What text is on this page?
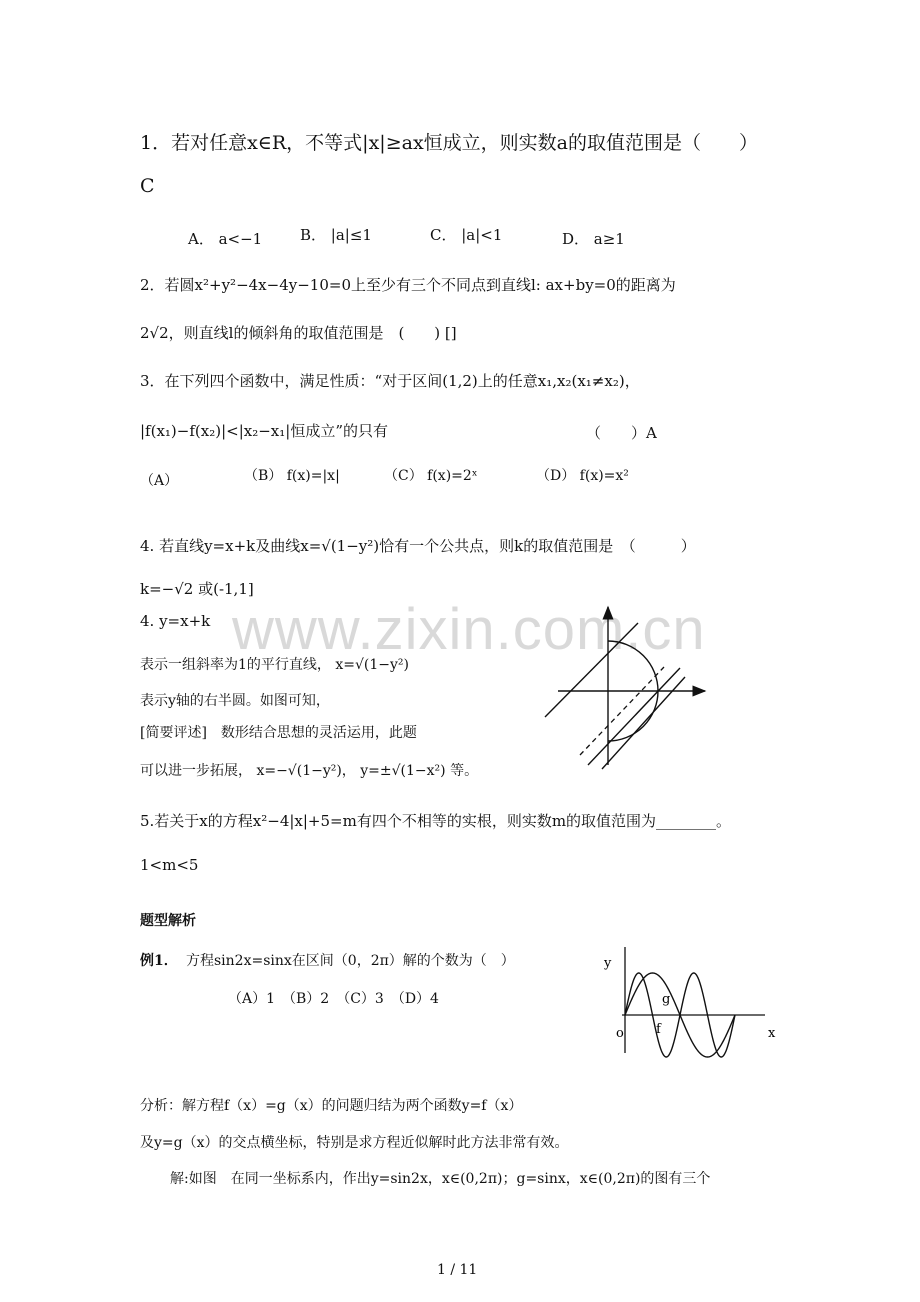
www.zixin.com.cn
1．若对任意x∈R，不等式|x|≥ax恒成立，则实数a的取值范围是（　　）
C
A． a<−1	B． |a|≤1	C． |a|<1	D． a≥1
2．若圆x²+y²−4x−4y−10=0上至少有三个不同点到直线l: ax+by=0的距离为
2√2，则直线l的倾斜角的取值范围是　(　　) []
3．在下列四个函数中，满足性质：“对于区间(1,2)上的任意x₁,x₂(x₁≠x₂)，
|f(x₁)−f(x₂)|<|x₂−x₁|恒成立”的只有	（　　）A
（A）	（B） f(x)=|x|	（C） f(x)=2ˣ	（D） f(x)=x²
4. 若直线y=x+k及曲线x=√(1−y²)恰有一个公共点，则k的取值范围是　（　　　）
k=−√2 或(-1,1]
4. y=x+k
表示一组斜率为1的平行直线， x=√(1−y²)
表示y轴的右半圆。如图可知，
[简要评述]　数形结合思想的灵活运用，此题
可以进一步拓展， x=−√(1−y²)， y=±√(1−x²) 等。
5.若关于x的方程x²−4|x|+5=m有四个不相等的实根，则实数m的取值范围为________。
1<m<5
题型解析
例1． 方程sin2x=sinx在区间（0，2π）解的个数为（　）
（A）1　（B）2　（C）3　（D）4
y
x
o f
g
分析：解方程f（x）=g（x）的问题归结为两个函数y=f（x）
及y=g（x）的交点横坐标，特别是求方程近似解时此方法非常有效。
解:如图　在同一坐标系内，作出y=sin2x，x∈(0,2π)；g=sinx，x∈(0,2π)的图有三个
1 / 11
